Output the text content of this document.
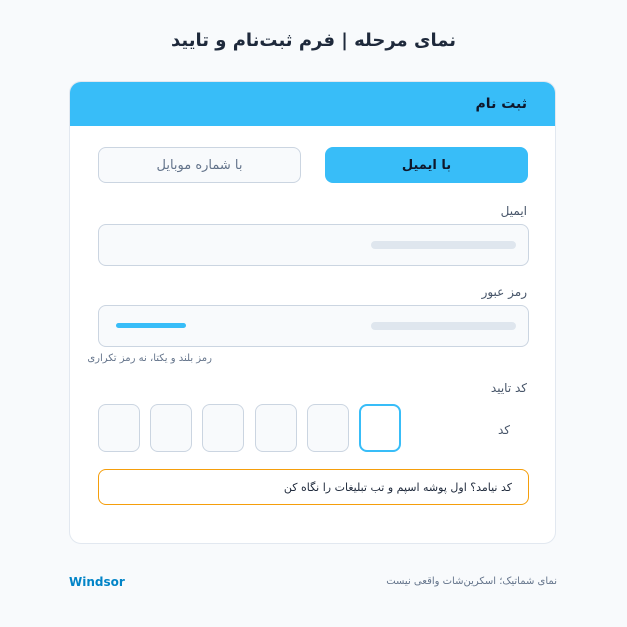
نمای مرحله | فرم ثبت‌نام و تایید
ثبت نام
با ایمیل
با شماره موبایل
ایمیل
رمز عبور
رمز بلند و یکتا، نه رمز تکراری
کد تایید
کد
کد نیامد؟ اول پوشه اسپم و تب تبلیغات را نگاه کن
Windsor	نمای شماتیک؛ اسکرین‌شات واقعی نیست
